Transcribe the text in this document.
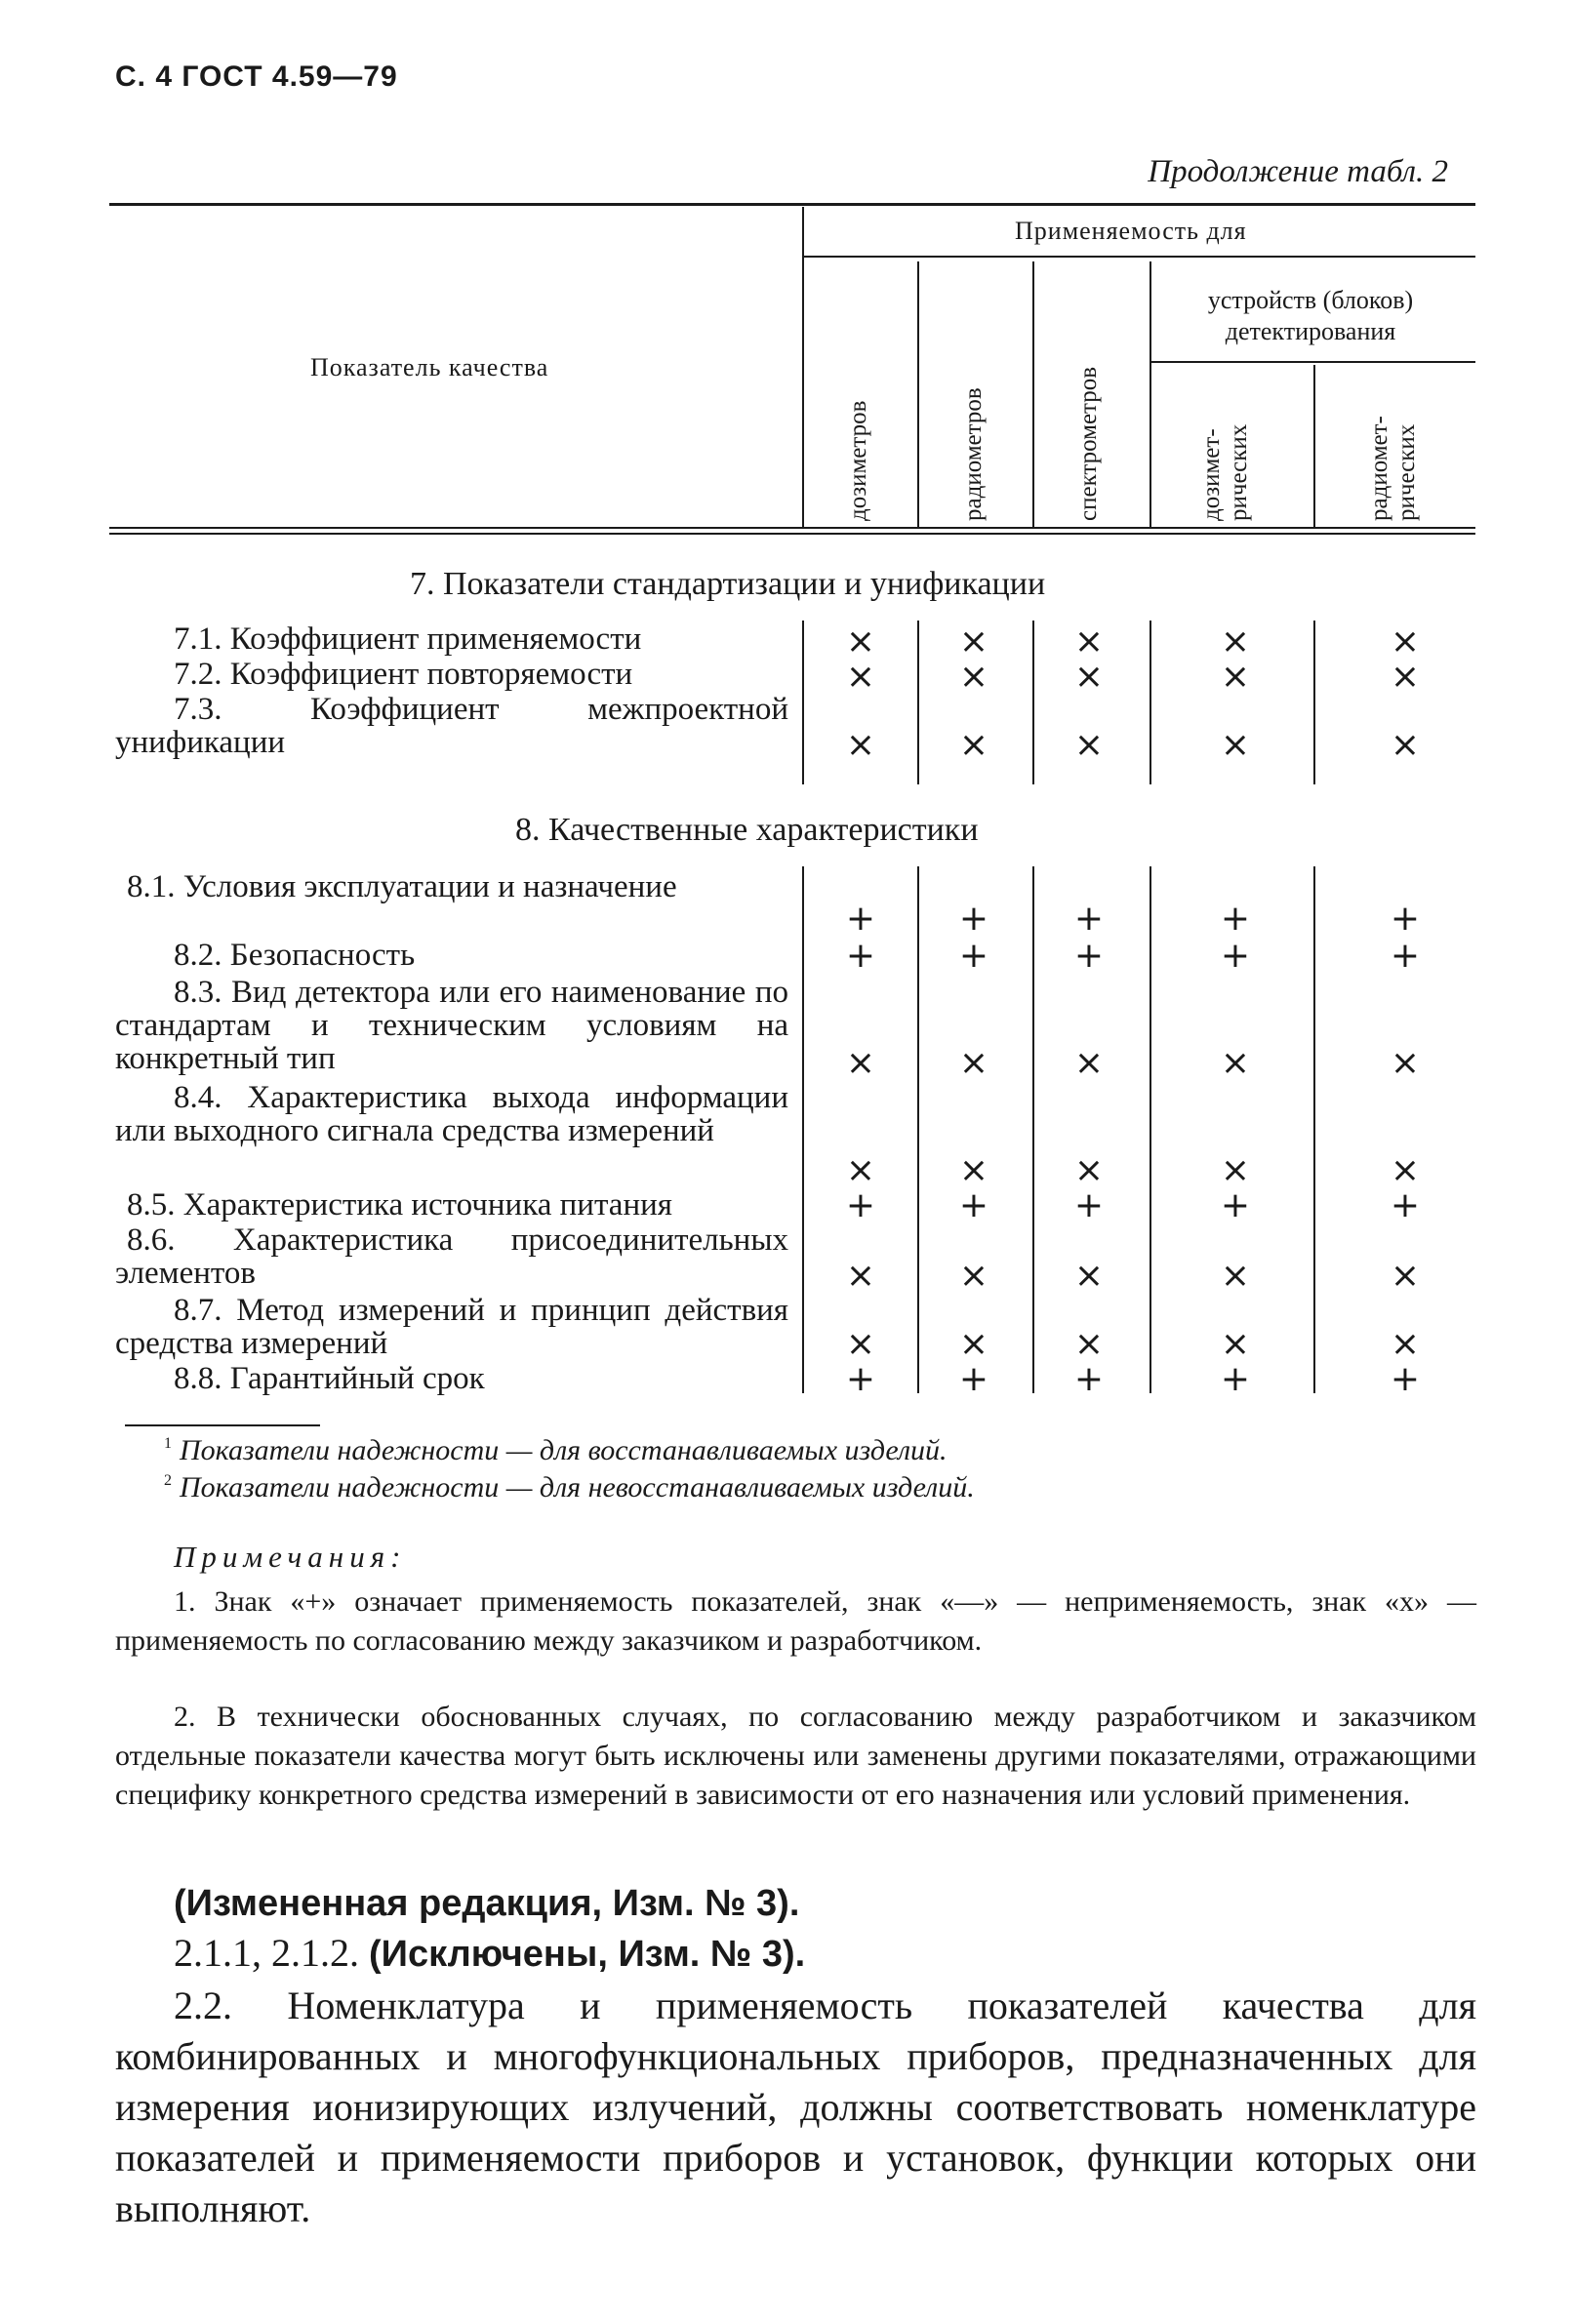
С. 4 ГОСТ 4.59—79
Продолжение табл. 2
Показатель качества
Применяемость для
устройств (блоков) детектирования
дозиметров	радиометров	спектрометров	дозимет-рических	радиомет-рических
7. Показатели стандартизации и унификации
7.1. Коэффициент применяемости	×	×	×	×	×
7.2. Коэффициент повторяемости	×	×	×	×	×
7.3. Коэффициент межпроектной унификации	×	×	×	×	×
8. Качественные характеристики
8.1. Условия эксплуатации и назначение
+	+	+	+	+
8.2. Безопасность	+	+	+	+	+
8.3. Вид детектора или его наименование по стандартам и техническим условиям на конкретный тип	×	×	×	×	×
8.4. Характеристика выхода информации или выходного сигнала средства измерений
×	×	×	×	×
8.5. Характеристика источника питания	+	+	+	+	+
8.6. Характеристика присоединительных элементов	×	×	×	×	×
8.7. Метод измерений и принцип действия средства измерений	×	×	×	×	×
8.8. Гарантийный срок	+	+	+	+	+
$^1$ Показатели надежности — для восстанавливаемых изделий.
$^2$ Показатели надежности — для невосстанавливаемых изделий.
Примечания:
1. Знак «+» означает применяемость показателей, знак «—» — неприменяемость, знак «х» — применяемость по согласованию между заказчиком и разработчиком.
2. В технически обоснованных случаях, по согласованию между разработчиком и заказчиком отдельные показатели качества могут быть исключены или заменены другими показателями, отражающими специфику конкретного средства измерений в зависимости от его назначения или условий применения.
(Измененная редакция, Изм. № 3).
2.1.1, 2.1.2. (Исключены, Изм. № 3).
2.2. Номенклатура и применяемость показателей качества для комбинированных и многофункциональных приборов, предназначенных для измерения ионизирующих излучений, должны соответствовать номенклатуре показателей и применяемости приборов и установок, функции которых они выполняют.
